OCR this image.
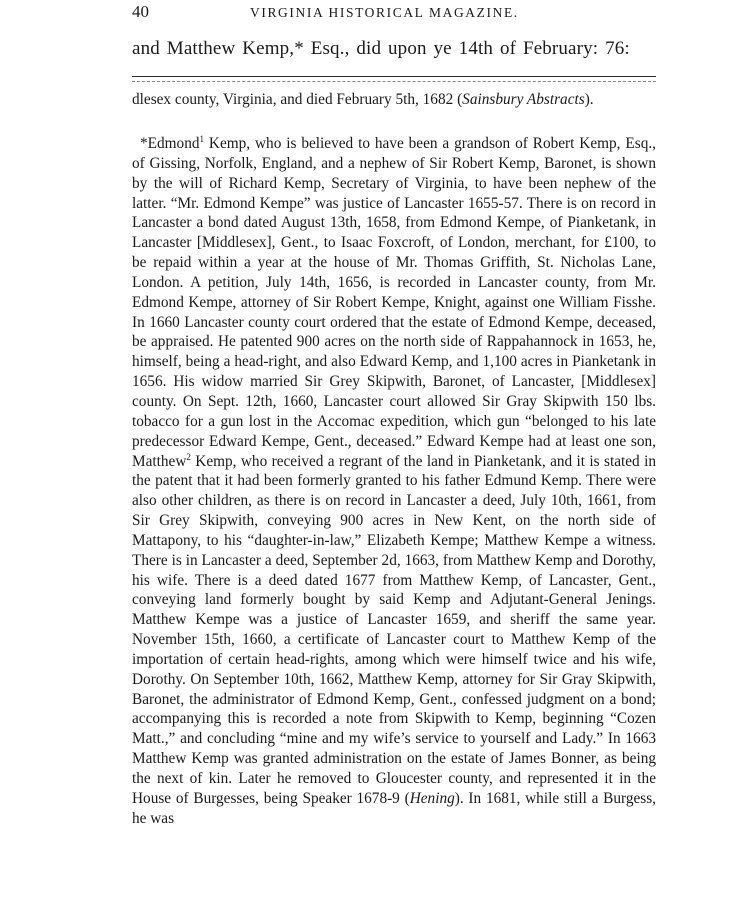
40	VIRGINIA HISTORICAL MAGAZINE.
and Matthew Kemp,* Esq., did upon ye 14th of February: 76:

dlesex county, Virginia, and died February 5th, 1682 (Sainsbury Abstracts).

*Edmond$^1$ Kemp, who is believed to have been a grandson of Robert Kemp, Esq., of Gissing, Norfolk, England, and a nephew of Sir Robert Kemp, Baronet, is shown by the will of Richard Kemp, Secretary of Virginia, to have been nephew of the latter. “Mr. Edmond Kempe” was justice of Lancaster 1655-57. There is on record in Lancaster a bond dated August 13th, 1658, from Edmond Kempe, of Pianketank, in Lancaster [Middlesex], Gent., to Isaac Foxcroft, of London, merchant, for £100, to be repaid within a year at the house of Mr. Thomas Griffith, St. Nicholas Lane, London. A petition, July 14th, 1656, is recorded in Lancaster county, from Mr. Edmond Kempe, attorney of Sir Robert Kempe, Knight, against one William Fisshe. In 1660 Lancaster county court ordered that the estate of Edmond Kempe, deceased, be appraised. He patented 900 acres on the north side of Rappahannock in 1653, he, himself, being a head-right, and also Edward Kemp, and 1,100 acres in Pianketank in 1656. His widow married Sir Grey Skipwith, Baronet, of Lancaster, [Middlesex] county. On Sept. 12th, 1660, Lancaster court allowed Sir Gray Skipwith 150 lbs. tobacco for a gun lost in the Accomac expedition, which gun “belonged to his late predecessor Edward Kempe, Gent., deceased.” Edward Kempe had at least one son, Matthew$^2$ Kemp, who received a regrant of the land in Pianketank, and it is stated in the patent that it had been formerly granted to his father Edmund Kemp. There were also other children, as there is on record in Lancaster a deed, July 10th, 1661, from Sir Grey Skipwith, conveying 900 acres in New Kent, on the north side of Mattapony, to his “daughter-in-law,” Elizabeth Kempe; Matthew Kempe a witness. There is in Lancaster a deed, September 2d, 1663, from Matthew Kemp and Dorothy, his wife. There is a deed dated 1677 from Matthew Kemp, of Lancaster, Gent., conveying land formerly bought by said Kemp and Adjutant-General Jenings. Matthew Kempe was a justice of Lancaster 1659, and sheriff the same year. November 15th, 1660, a certificate of Lancaster court to Matthew Kemp of the importation of certain head-rights, among which were himself twice and his wife, Dorothy. On September 10th, 1662, Matthew Kemp, attorney for Sir Gray Skipwith, Baronet, the administrator of Edmond Kemp, Gent., confessed judgment on a bond; accompanying this is recorded a note from Skipwith to Kemp, beginning “Cozen Matt.,” and concluding “mine and my wife’s service to yourself and Lady.” In 1663 Matthew Kemp was granted administration on the estate of James Bonner, as being the next of kin. Later he removed to Gloucester county, and represented it in the House of Burgesses, being Speaker 1678-9 (Hening). In 1681, while still a Burgess, he was
